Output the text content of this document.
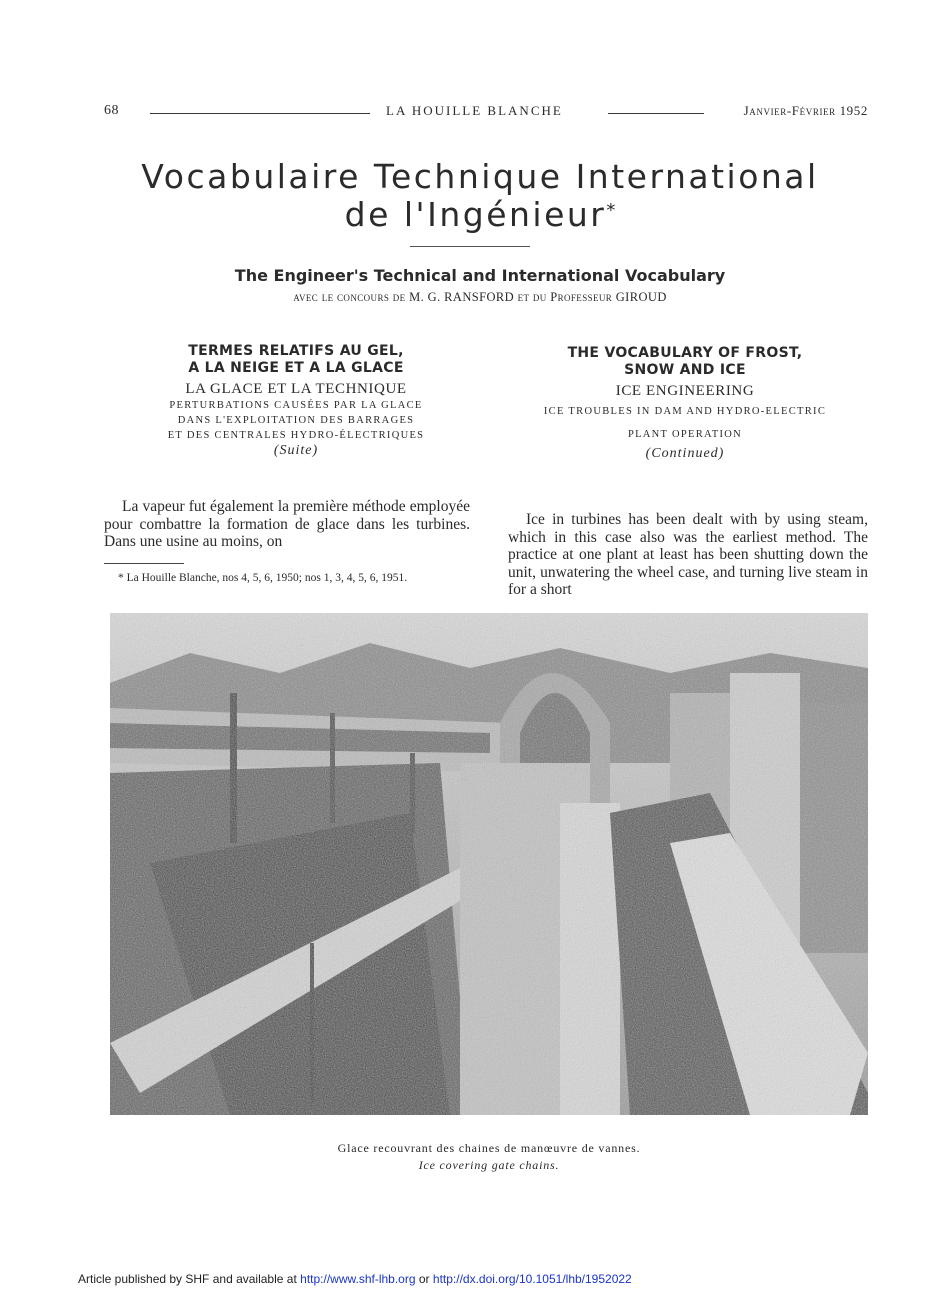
68	LA HOUILLE BLANCHE	Janvier-Février 1952
Vocabulaire Technique International
de l'Ingénieur*
The Engineer's Technical and International Vocabulary
avec le concours de M. G. RANSFORD et du Professeur GIROUD
TERMES RELATIFS AU GEL,
A LA NEIGE ET A LA GLACE
LA GLACE ET LA TECHNIQUE
PERTURBATIONS CAUSÉES PAR LA GLACE
DANS L'EXPLOITATION DES BARRAGES
ET DES CENTRALES HYDRO-ÉLECTRIQUES
(Suite)
THE VOCABULARY OF FROST,
SNOW AND ICE
ICE ENGINEERING
ICE TROUBLES IN DAM AND HYDRO-ELECTRIC
PLANT OPERATION
(Continued)
La vapeur fut également la première méthode employée pour combattre la formation de glace dans les turbines. Dans une usine au moins, on
* La Houille Blanche, nos 4, 5, 6, 1950; nos 1, 3, 4, 5, 6, 1951.
Ice in turbines has been dealt with by using steam, which in this case also was the earliest method. The practice at one plant at least has been shutting down the unit, unwatering the wheel case, and turning live steam in for a short
Glace recouvrant des chaines de manœuvre de vannes.
Ice covering gate chains.
Article published by SHF and available at http://www.shf-lhb.org or http://dx.doi.org/10.1051/lhb/1952022
